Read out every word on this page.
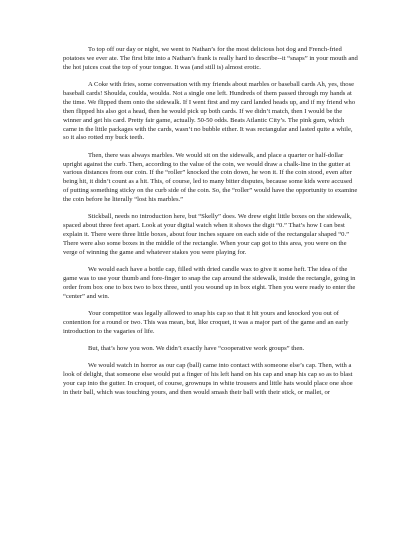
To top off our day or night, we went to Nathan’s for the most delicious hot dog and French-fried potatoes we ever ate. The first bite into a Nathan’s frank is really hard to describe--it “snaps” in your mouth and the hot juices coat the top of your tongue. It was (and still is) almost erotic.

A Coke with fries, some conversation with my friends about marbles or baseball cards Ah, yes, those baseball cards! Shoulda, coulda, woulda. Not a single one left. Hundreds of them passed through my hands at the time. We flipped them onto the sidewalk. If I went first and my card landed heads up, and if my friend who then flipped his also got a head, then he would pick up both cards. If we didn’t match, then I would be the winner and get his card. Pretty fair game, actually. 50-50 odds. Beats Atlantic City’s. The pink gum, which came in the little packages with the cards, wasn’t no bubble either. It was rectangular and lasted quite a while, so it also rotted my buck teeth.

Then, there was always marbles. We would sit on the sidewalk, and place a quarter or half-dollar upright against the curb. Then, according to the value of the coin, we would draw a chalk-line in the gutter at various distances from our coin. If the “roller” knocked the coin down, he won it. If the coin stood, even after being hit, it didn’t count as a hit. This, of course, led to many bitter disputes, because some kids were accused of putting something sticky on the curb side of the coin. So, the “roller” would have the opportunity to examine the coin before he literally “lost his marbles.”

Stickball, needs no introduction here, but “Skelly” does. We drew eight little boxes on the sidewalk, spaced about three feet apart. Look at your digital watch when it shows the digit “0.” That’s how I can best explain it. There were three little boxes, about four inches square on each side of the rectangular shaped “0.” There were also some boxes in the middle of the rectangle. When your cap got to this area, you were on the verge of winning the game and whatever stakes you were playing for.

We would each have a bottle cap, filled with dried candle wax to give it some heft. The idea of the game was to use your thumb and fore-finger to snap the cap around the sidewalk, inside the rectangle, going in order from box one to box two to box three, until you wound up in box eight. Then you were ready to enter the “center” and win.

Your competitor was legally allowed to snap his cap so that it hit yours and knocked you out of contention for a round or two. This was mean, but, like croquet, it was a major part of the game and an early introduction to the vagaries of life.

But, that’s how you won. We didn’t exactly have “cooperative work groups” then.

We would watch in horror as our cap (ball) came into contact with someone else’s cap. Then, with a look of delight, that someone else would put a finger of his left hand on his cap and snap his cap so as to blast your cap into the gutter. In croquet, of course, grownups in white trousers and little hats would place one shoe in their ball, which was touching yours, and then would smash their ball with their stick, or mallet, or
